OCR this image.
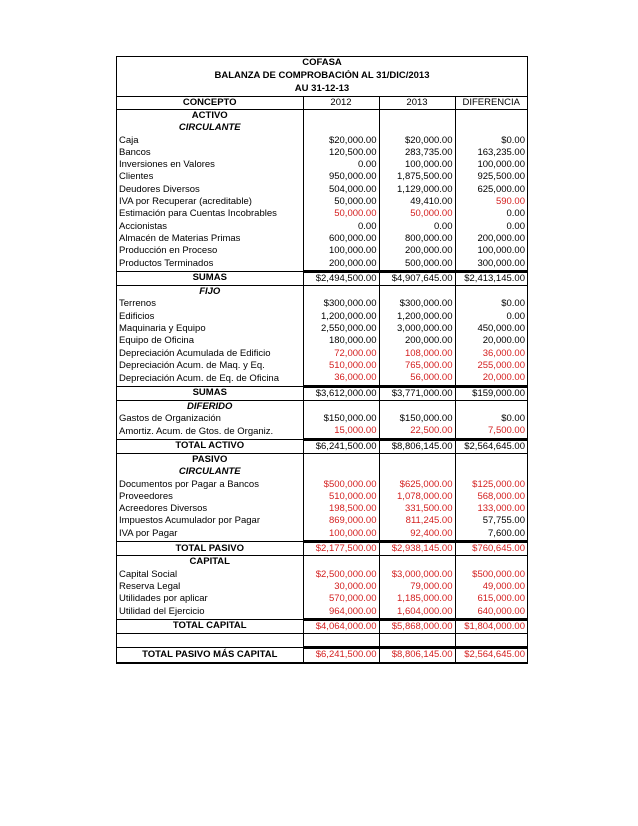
COFASA
BALANZA DE COMPROBACIÓN AL 31/DIC/2013
AU 31-12-13
CONCEPTO	2012	2013	DIFERENCIA
ACTIVO			
CIRCULANTE			
Caja	$20,000.00	$20,000.00	$0.00
Bancos	120,500.00	283,735.00	163,235.00
Inversiones en Valores	0.00	100,000.00	100,000.00
Clientes	950,000.00	1,875,500.00	925,500.00
Deudores Diversos	504,000.00	1,129,000.00	625,000.00
IVA por Recuperar (acreditable)	50,000.00	49,410.00	590.00
Estimación para Cuentas Incobrables	50,000.00	50,000.00	0.00
Accionistas	0.00	0.00	0.00
Almacén de Materias Primas	600,000.00	800,000.00	200,000.00
Producción en Proceso	100,000.00	200,000.00	100,000.00
Productos Terminados	200,000.00	500,000.00	300,000.00
SUMAS	$2,494,500.00	$4,907,645.00	$2,413,145.00
FIJO			
Terrenos	$300,000.00	$300,000.00	$0.00
Edificios	1,200,000.00	1,200,000.00	0.00
Maquinaria y Equipo	2,550,000.00	3,000,000.00	450,000.00
Equipo de Oficina	180,000.00	200,000.00	20,000.00
Depreciación Acumulada de Edificio	72,000.00	108,000.00	36,000.00
Depreciación Acum. de Maq. y Eq.	510,000.00	765,000.00	255,000.00
Depreciación Acum. de Eq. de Oficina	36,000.00	56,000.00	20,000.00
SUMAS	$3,612,000.00	$3,771,000.00	$159,000.00
DIFERIDO			
Gastos de Organización	$150,000.00	$150,000.00	$0.00
Amortiz. Acum. de Gtos. de Organiz.	15,000.00	22,500.00	7,500.00
TOTAL ACTIVO	$6,241,500.00	$8,806,145.00	$2,564,645.00
PASIVO			
CIRCULANTE			
Documentos por Pagar a Bancos	$500,000.00	$625,000.00	$125,000.00
Proveedores	510,000.00	1,078,000.00	568,000.00
Acreedores Diversos	198,500.00	331,500.00	133,000.00
Impuestos Acumulador por Pagar	869,000.00	811,245.00	57,755.00
IVA por Pagar	100,000.00	92,400.00	7,600.00
TOTAL PASIVO	$2,177,500.00	$2,938,145.00	$760,645.00
CAPITAL			
Capital Social	$2,500,000.00	$3,000,000.00	$500,000.00
Reserva Legal	30,000.00	79,000.00	49,000.00
Utilidades por aplicar	570,000.00	1,185,000.00	615,000.00
Utilidad del Ejercicio	964,000.00	1,604,000.00	640,000.00
TOTAL CAPITAL	$4,064,000.00	$5,868,000.00	$1,804,000.00

TOTAL PASIVO MÁS CAPITAL	$6,241,500.00	$8,806,145.00	$2,564,645.00
